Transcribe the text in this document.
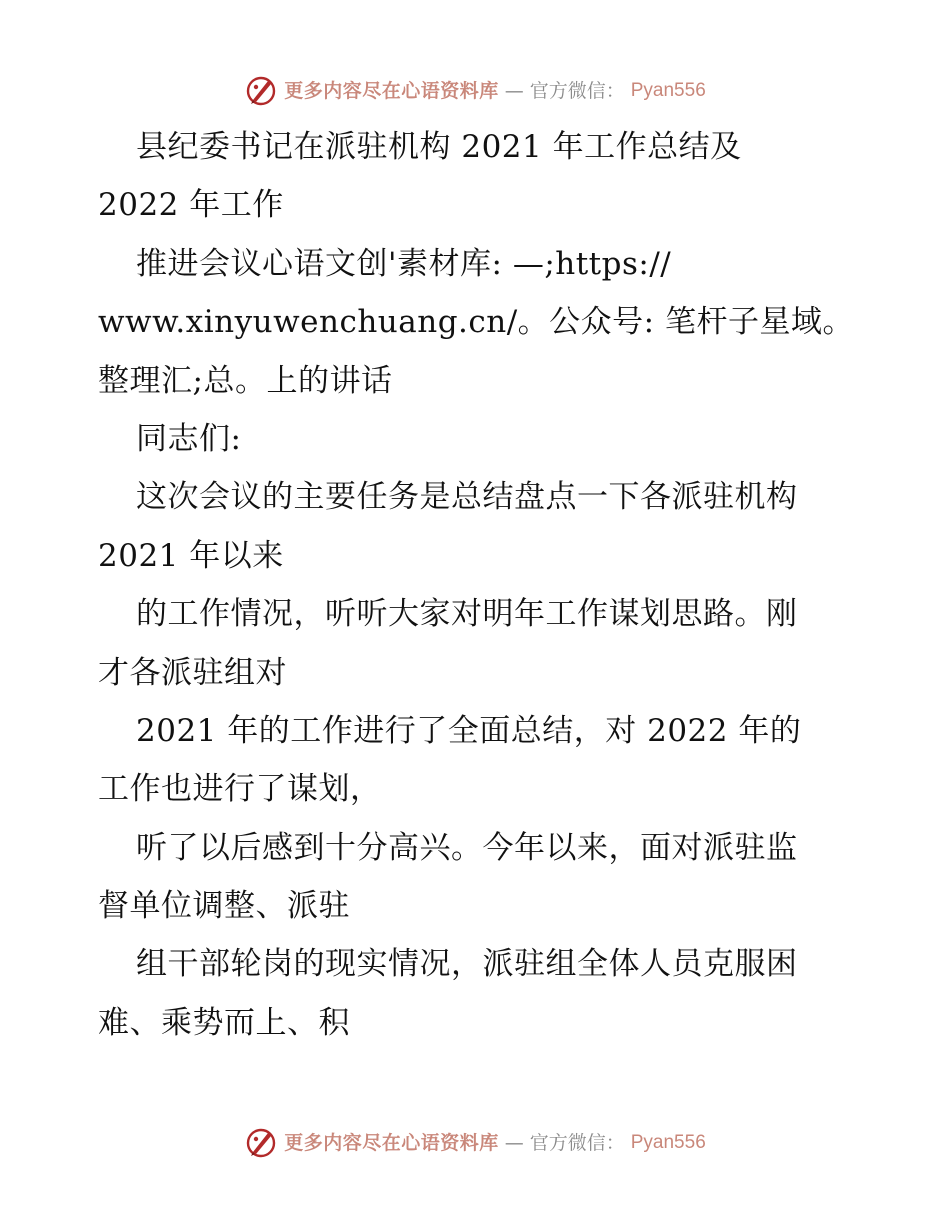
更多内容尽在心语资料库 — 官方微信： Pyan556
县纪委书记在派驻机构 2021 年工作总结及
2022 年工作
推进会议心语文创'素材库: —;https://
www.xinyuwenchuang.cn/。公众号: 笔杆子星域。
整理汇;总。上的讲话
同志们:
这次会议的主要任务是总结盘点一下各派驻机构
2021 年以来
的工作情况，听听大家对明年工作谋划思路。刚
才各派驻组对
2021 年的工作进行了全面总结，对 2022 年的
工作也进行了谋划，
听了以后感到十分高兴。今年以来，面对派驻监
督单位调整、派驻
组干部轮岗的现实情况，派驻组全体人员克服困
难、乘势而上、积
更多内容尽在心语资料库 — 官方微信： Pyan556
